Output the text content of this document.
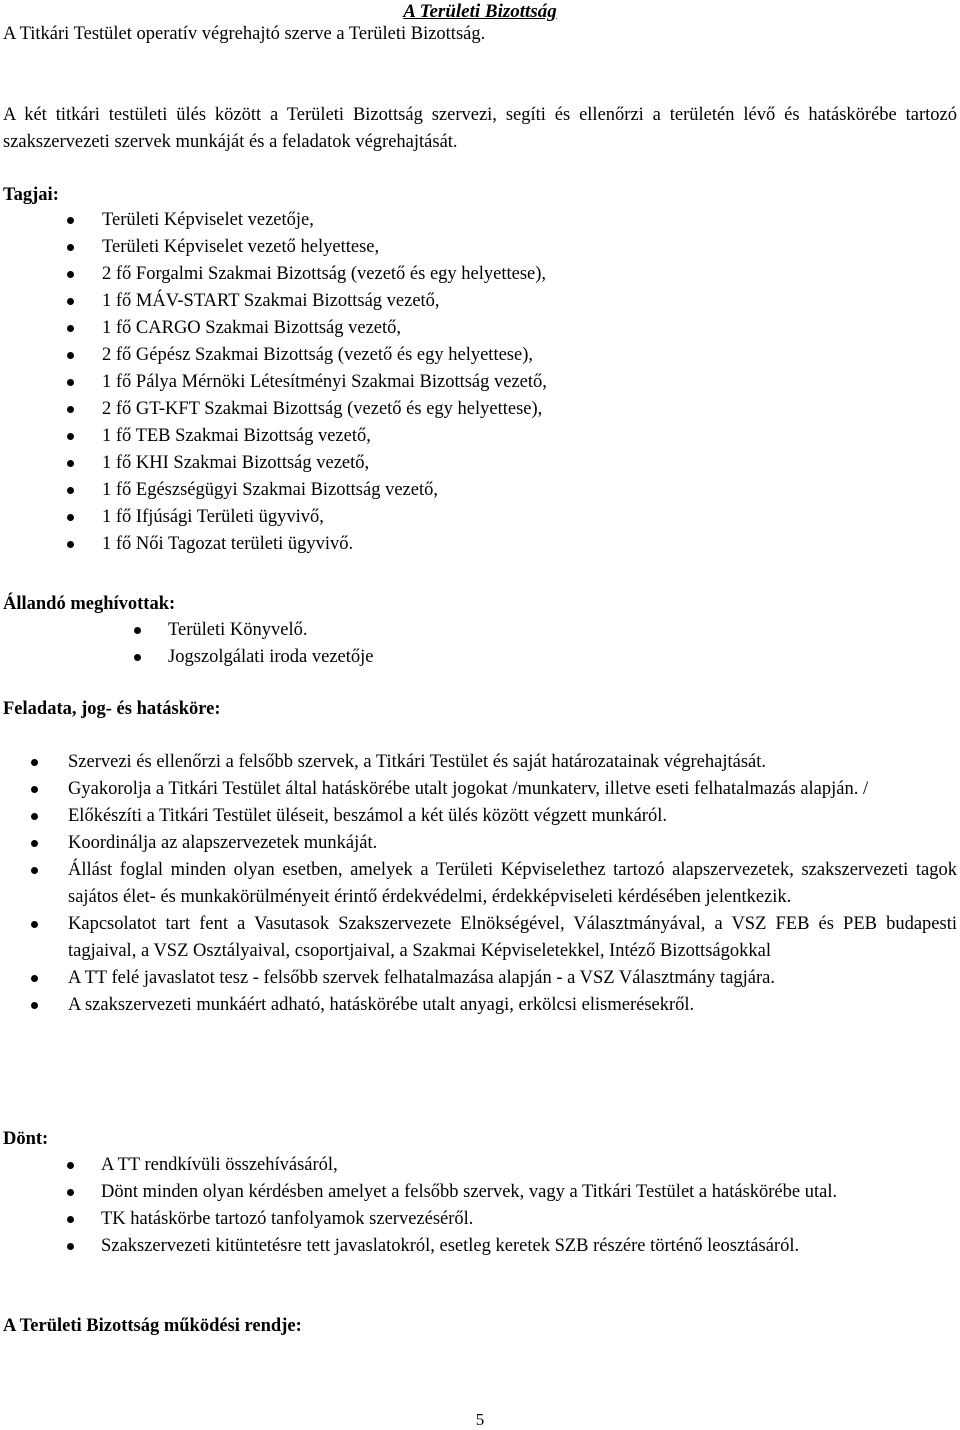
A Területi Bizottság
A Titkári Testület operatív végrehajtó szerve a Területi Bizottság.
A két titkári testületi ülés között a Területi Bizottság szervezi, segíti és ellenőrzi a területén lévő és hatáskörébe tartozó szakszervezeti szervek munkáját és a feladatok végrehajtását.
Tagjai:
Területi Képviselet vezetője,
Területi Képviselet vezető helyettese,
2 fő Forgalmi Szakmai Bizottság (vezető és egy helyettese),
1 fő MÁV-START Szakmai Bizottság vezető,
1 fő CARGO Szakmai Bizottság vezető,
2 fő Gépész Szakmai Bizottság (vezető és egy helyettese),
1 fő Pálya Mérnöki Létesítményi Szakmai Bizottság vezető,
2 fő GT-KFT Szakmai Bizottság (vezető és egy helyettese),
1 fő TEB Szakmai Bizottság vezető,
1 fő KHI Szakmai Bizottság vezető,
1 fő Egészségügyi Szakmai Bizottság vezető,
1 fő Ifjúsági Területi ügyvivő,
1 fő Női Tagozat területi ügyvivő.
Állandó meghívottak:
Területi Könyvelő.
Jogszolgálati iroda vezetője
Feladata, jog- és hatásköre:
Szervezi és ellenőrzi a felsőbb szervek, a Titkári Testület és saját határozatainak végrehajtását.
Gyakorolja a Titkári Testület által hatáskörébe utalt jogokat /munkaterv, illetve eseti felhatalmazás alapján. /
Előkészíti a Titkári Testület üléseit, beszámol a két ülés között végzett munkáról.
Koordinálja az alapszervezetek munkáját.
Állást foglal minden olyan esetben, amelyek a Területi Képviselethez tartozó alapszervezetek, szakszervezeti tagok sajátos élet- és munkakörülményeit érintő érdekvédelmi, érdekképviseleti kérdésében jelentkezik.
Kapcsolatot tart fent a Vasutasok Szakszervezete Elnökségével, Választmányával, a VSZ FEB és PEB budapesti tagjaival, a VSZ Osztályaival, csoportjaival, a Szakmai Képviseletekkel, Intéző Bizottságokkal
A TT felé javaslatot tesz - felsőbb szervek felhatalmazása alapján - a VSZ Választmány tagjára.
A szakszervezeti munkáért adható, hatáskörébe utalt anyagi, erkölcsi elismerésekről.
Dönt:
A TT rendkívüli összehívásáról,
Dönt minden olyan kérdésben amelyet a felsőbb szervek, vagy a Titkári Testület a hatáskörébe utal.
TK hatáskörbe tartozó tanfolyamok szervezéséről.
Szakszervezeti kitüntetésre tett javaslatokról, esetleg keretek SZB részére történő leosztásáról.
A Területi Bizottság működési rendje:
5
